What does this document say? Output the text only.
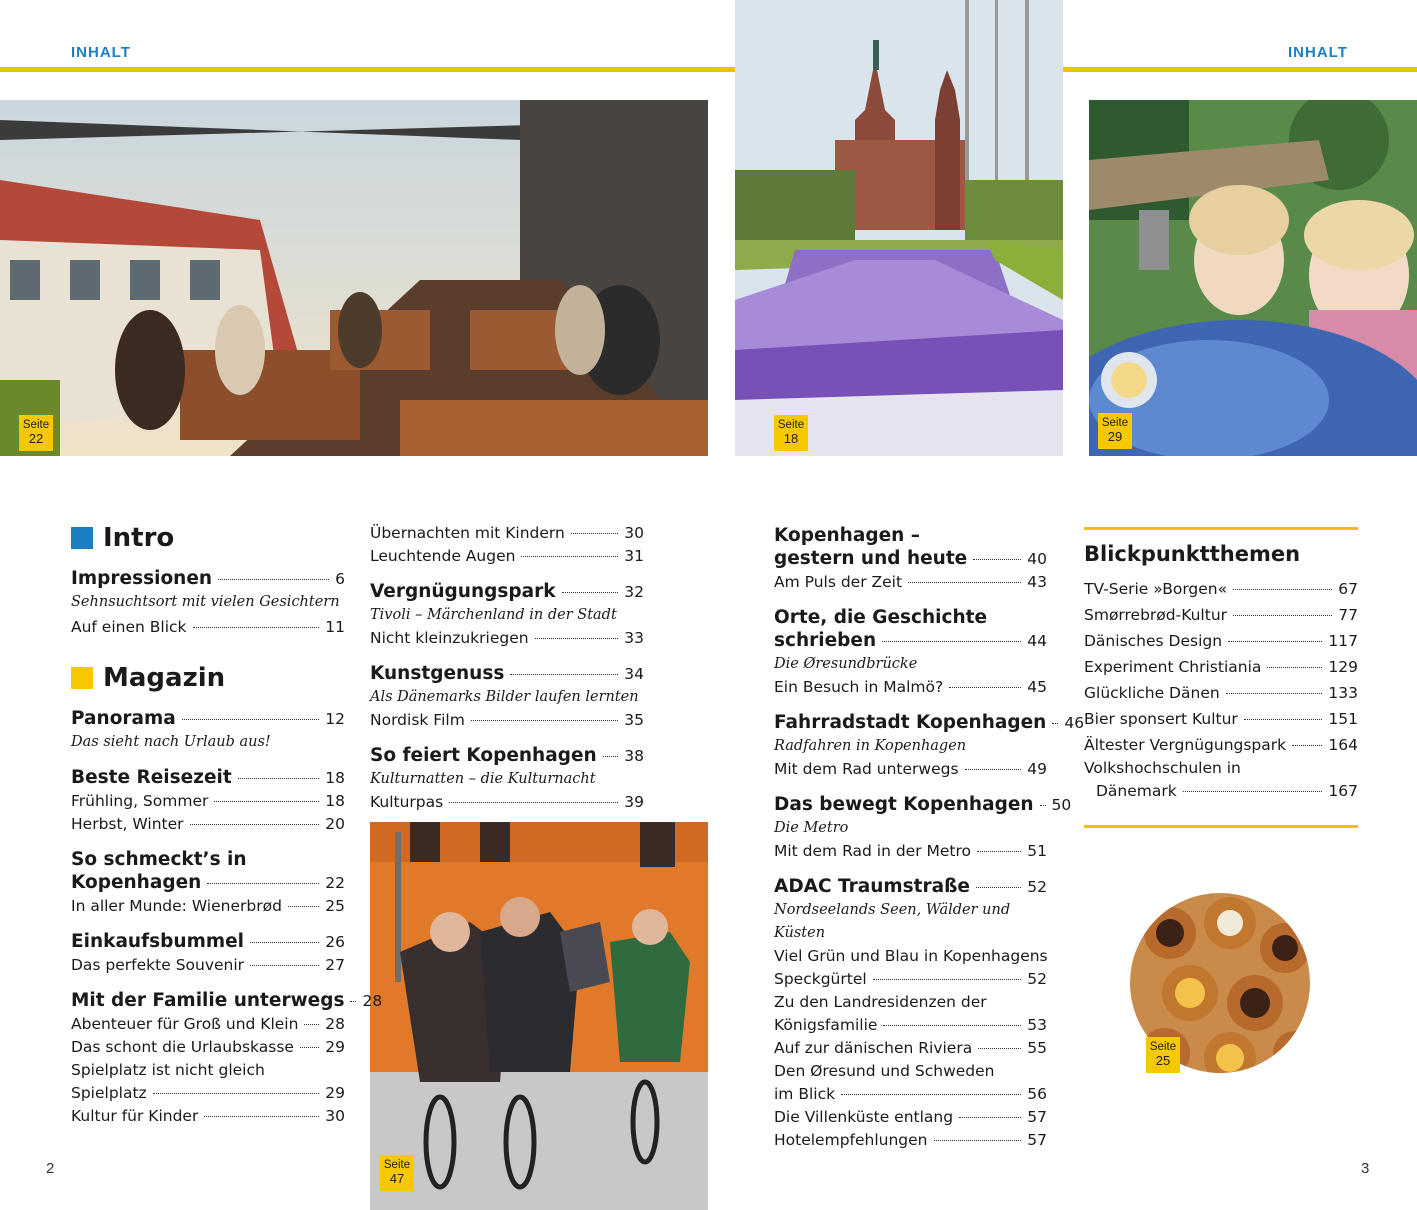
INHALT	INHALT
Seite
22
Seite
18
Seite
29
Seite
47
Seite
25
Intro
Impressionen	6
Sehnsuchtsort mit vielen Gesichtern
Auf einen Blick	11
Magazin
Panorama	12
Das sieht nach Urlaub aus!
Beste Reisezeit	18
Frühling, Sommer	18
Herbst, Winter	20
So schmeckt’s in
Kopenhagen	22
In aller Munde: Wienerbrød	25
Einkaufsbummel	26
Das perfekte Souvenir	27
Mit der Familie unterwegs 28
Abenteuer für Groß und Klein 28
Das schont die Urlaubskasse 29
Spielplatz ist nicht gleich
Spielplatz	29
Kultur für Kinder	30
Übernachten mit Kindern	30
Leuchtende Augen	31
Vergnügungspark	32
Tivoli – Märchenland in der Stadt
Nicht kleinzukriegen	33
Kunstgenuss	34
Als Dänemarks Bilder laufen lernten
Nordisk Film	35
So feiert Kopenhagen 38
Kulturnatten – die Kulturnacht
Kulturpas	39
Kopenhagen –
gestern und heute	40
Am Puls der Zeit	43
Orte, die Geschichte
schrieben	44
Die Øresundbrücke
Ein Besuch in Malmö?	45
Fahrradstadt Kopenhagen 46
Radfahren in Kopenhagen
Mit dem Rad unterwegs	49
Das bewegt Kopenhagen 50
Die Metro
Mit dem Rad in der Metro	51
ADAC Traumstraße	52
Nordseelands Seen, Wälder und Küsten
Viel Grün und Blau in Kopenhagens
Speckgürtel	52
Zu den Landresidenzen der
Königsfamilie	53
Auf zur dänischen Riviera	55
Den Øresund und Schweden
im Blick	56
Die Villenküste entlang	57
Hotelempfehlungen	57
Blickpunktthemen
TV-Serie »Borgen«	67
Smørrebrød-Kultur	77
Dänisches Design	117
Experiment Christiania	129
Glückliche Dänen	133
Bier sponsert Kultur	151
Ältester Vergnügungspark	164
Volkshochschulen in
Dänemark	167
2	3
